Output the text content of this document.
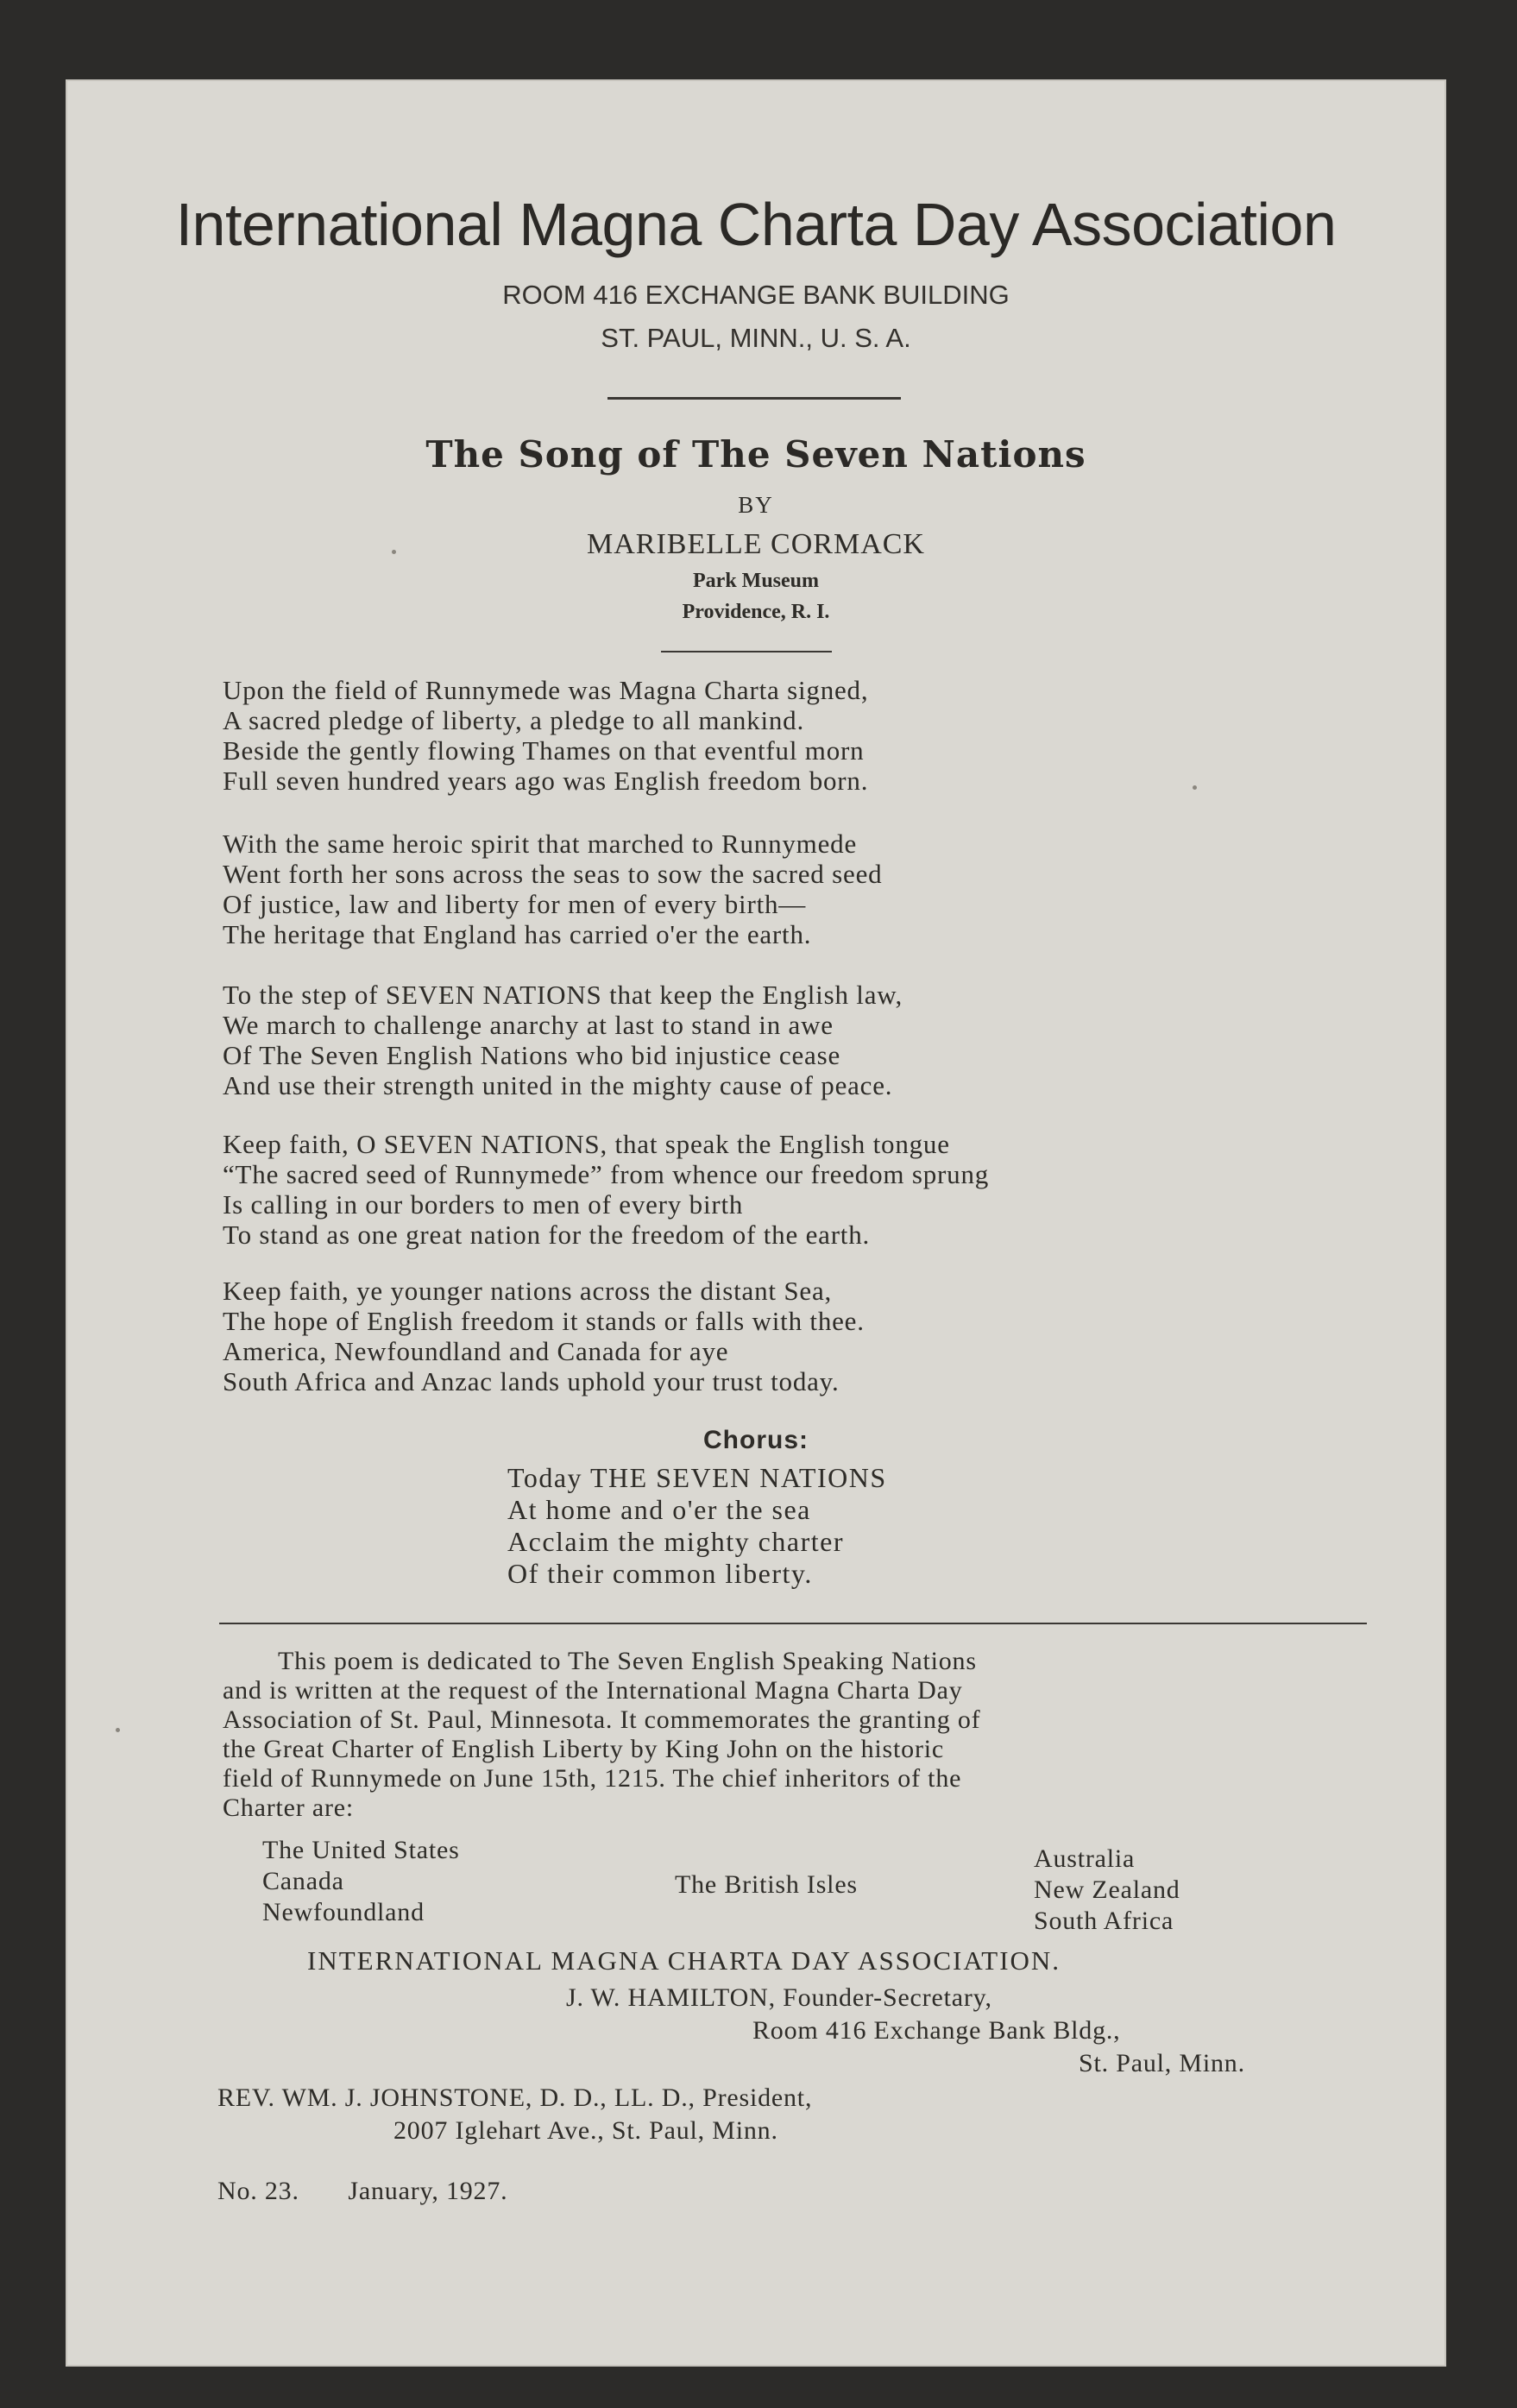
International Magna Charta Day Association
ROOM 416 EXCHANGE BANK BUILDING
ST. PAUL, MINN., U. S. A.
The Song of The Seven Nations
BY
MARIBELLE CORMACK
Park Museum
Providence, R. I.
Upon the field of Runnymede was Magna Charta signed,
A sacred pledge of liberty, a pledge to all mankind.
Beside the gently flowing Thames on that eventful morn
Full seven hundred years ago was English freedom born.
With the same heroic spirit that marched to Runnymede
Went forth her sons across the seas to sow the sacred seed
Of justice, law and liberty for men of every birth—
The heritage that England has carried o'er the earth.
To the step of SEVEN NATIONS that keep the English law,
We march to challenge anarchy at last to stand in awe
Of The Seven English Nations who bid injustice cease
And use their strength united in the mighty cause of peace.
Keep faith, O SEVEN NATIONS, that speak the English tongue
“The sacred seed of Runnymede” from whence our freedom sprung
Is calling in our borders to men of every birth
To stand as one great nation for the freedom of the earth.
Keep faith, ye younger nations across the distant Sea,
The hope of English freedom it stands or falls with thee.
America, Newfoundland and Canada for aye
South Africa and Anzac lands uphold your trust today.
Chorus:
Today THE SEVEN NATIONS
At home and o'er the sea
Acclaim the mighty charter
Of their common liberty.
This poem is dedicated to The Seven English Speaking Nations
and is written at the request of the International Magna Charta Day
Association of St. Paul, Minnesota. It commemorates the granting of
the Great Charter of English Liberty by King John on the historic
field of Runnymede on June 15th, 1215. The chief inheritors of the
Charter are:
The United States
Canada
Newfoundland
The British Isles
Australia
New Zealand
South Africa
INTERNATIONAL MAGNA CHARTA DAY ASSOCIATION.
J. W. HAMILTON, Founder-Secretary,
Room 416 Exchange Bank Bldg.,
St. Paul, Minn.
REV. WM. J. JOHNSTONE, D. D., LL. D., President,
2007 Iglehart Ave., St. Paul, Minn.
No. 23. January, 1927.
